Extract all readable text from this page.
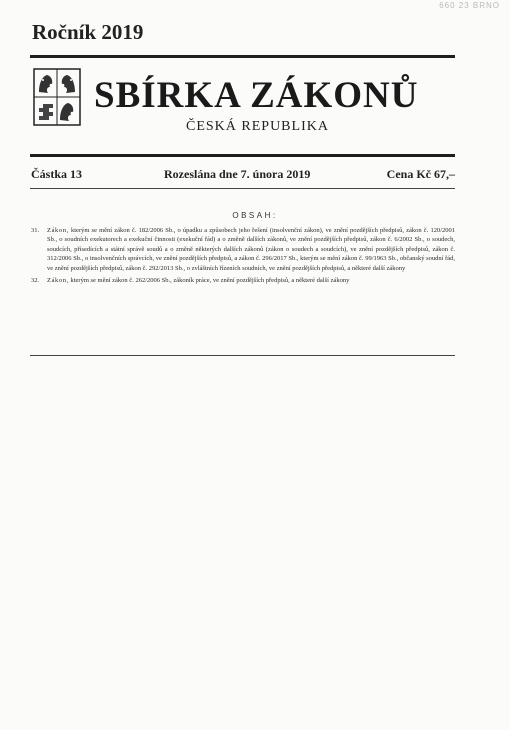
660 23 BRNO
Ročník 2019
SBÍRKA ZÁKONŮ
ČESKÁ REPUBLIKA
Částka 13	Rozeslána dne 7. února 2019	Cena Kč 67,–
OBSAH:
31.	Zákon, kterým se mění zákon č. 182/2006 Sb., o úpadku a způsobech jeho řešení (insolvenční zákon), ve znění pozdějších předpisů, zákon č. 120/2001 Sb., o soudních exekutorech a exekuční činnosti (exekuční řád) a o změně dalších zákonů, ve znění pozdějších předpisů, zákon č. 6/2002 Sb., o soudech, soudcích, přísedících a státní správě soudů a o změně některých dalších zákonů (zákon o soudech a soudcích), ve znění pozdějších předpisů, zákon č. 312/2006 Sb., o insolvenčních správcích, ve znění pozdějších předpisů, a zákon č. 296/2017 Sb., kterým se mění zákon č. 99/1963 Sb., občanský soudní řád, ve znění pozdějších předpisů, zákon č. 292/2013 Sb., o zvláštních řízeních soudních, ve znění pozdějších předpisů, a některé další zákony
32.	Zákon, kterým se mění zákon č. 262/2006 Sb., zákoník práce, ve znění pozdějších předpisů, a některé další zákony
